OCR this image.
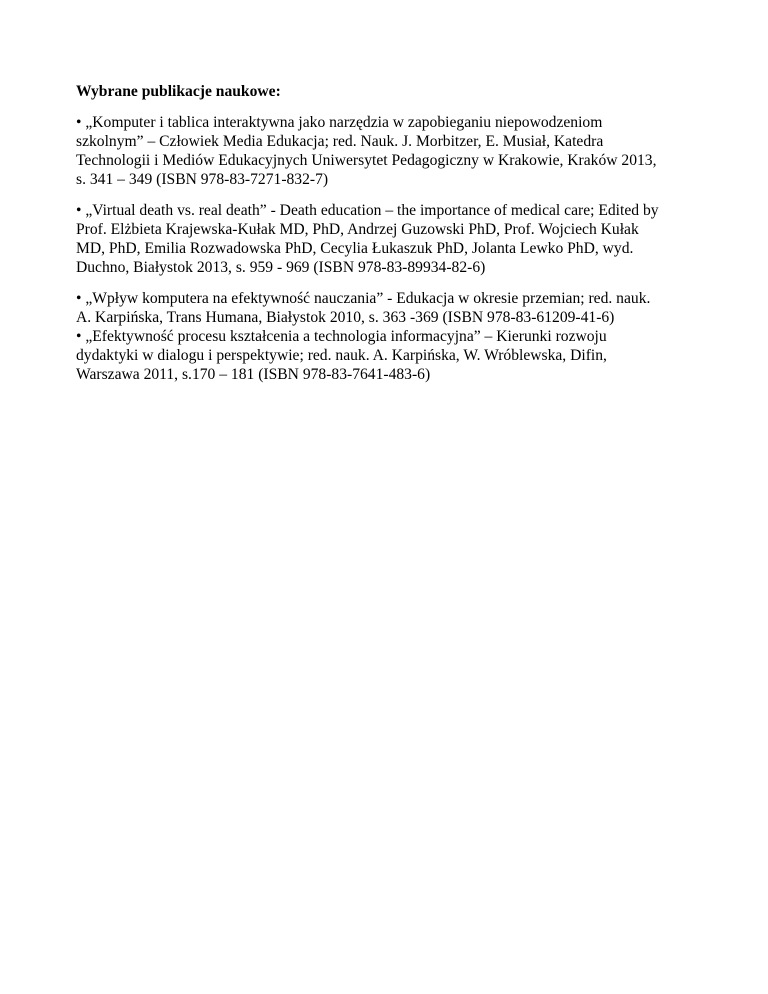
Wybrane publikacje naukowe:

• „Komputer i tablica interaktywna jako narzędzia w zapobieganiu niepowodzeniom
szkolnym” – Człowiek Media Edukacja; red. Nauk. J. Morbitzer, E. Musiał, Katedra
Technologii i Mediów Edukacyjnych Uniwersytet Pedagogiczny w Krakowie, Kraków 2013,
s. 341 – 349 (ISBN 978-83-7271-832-7)

• „Virtual death vs. real death” - Death education – the importance of medical care; Edited by
Prof. Elżbieta Krajewska-Kułak MD, PhD, Andrzej Guzowski PhD, Prof. Wojciech Kułak
MD, PhD, Emilia Rozwadowska PhD, Cecylia Łukaszuk PhD, Jolanta Lewko PhD, wyd.
Duchno, Białystok 2013, s. 959 - 969 (ISBN 978-83-89934-82-6)

• „Wpływ komputera na efektywność nauczania” - Edukacja w okresie przemian; red. nauk.
A. Karpińska, Trans Humana, Białystok 2010, s. 363 -369 (ISBN 978-83-61209-41-6)

• „Efektywność procesu kształcenia a technologia informacyjna” – Kierunki rozwoju
dydaktyki w dialogu i perspektywie; red. nauk. A. Karpińska, W. Wróblewska, Difin,
Warszawa 2011, s.170 – 181 (ISBN 978-83-7641-483-6)
